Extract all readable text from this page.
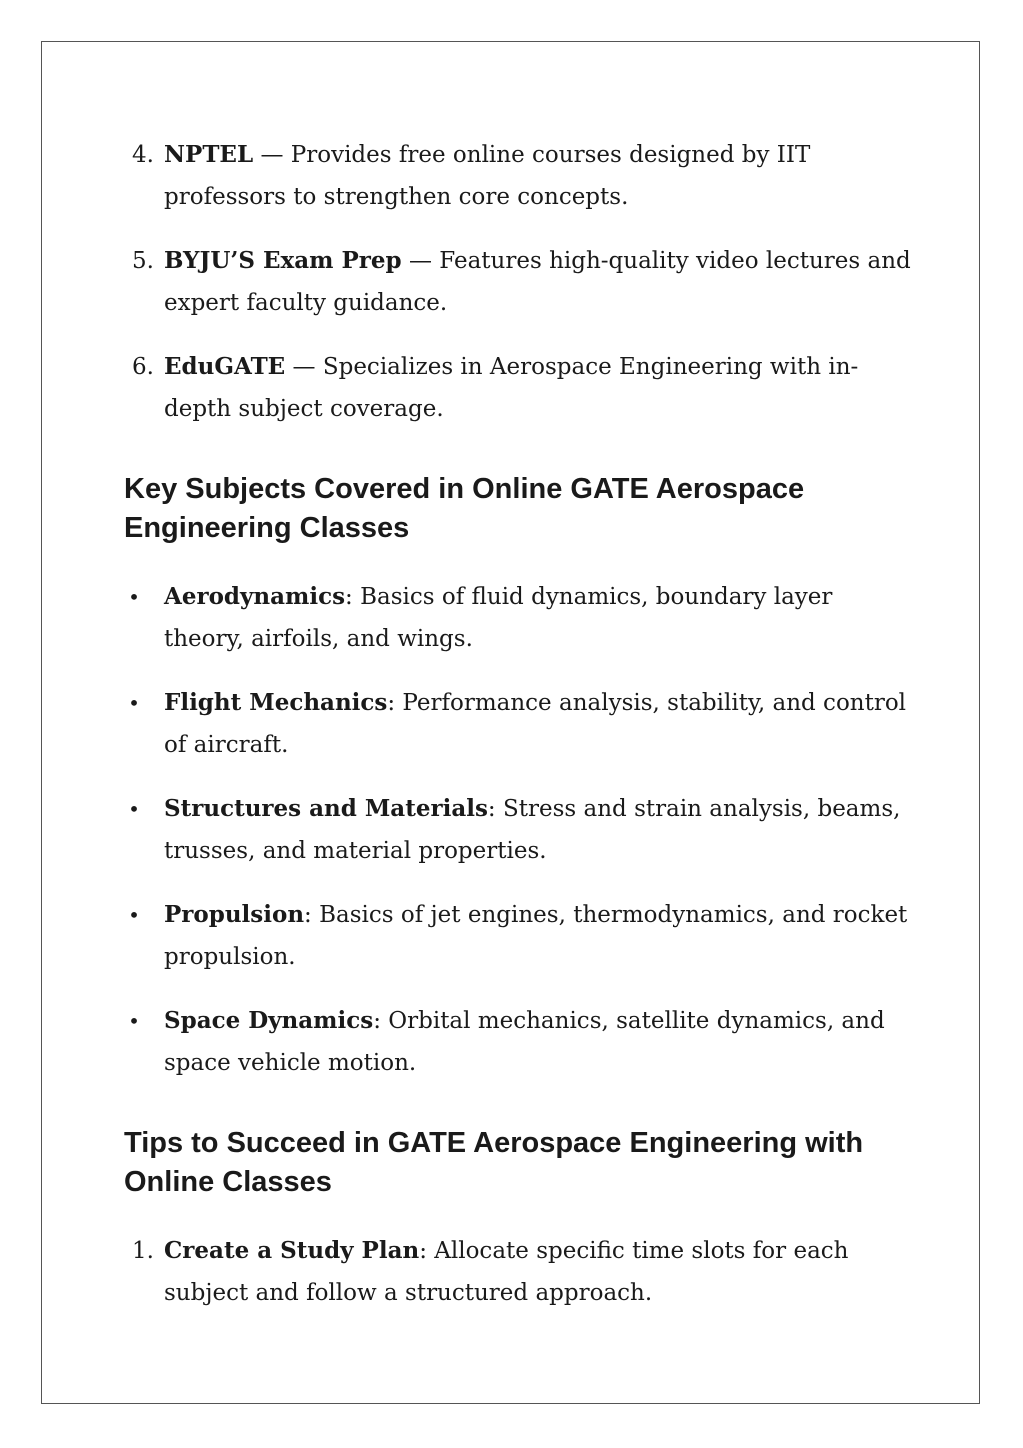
4. NPTEL — Provides free online courses designed by IIT professors to strengthen core concepts.
5. BYJU’S Exam Prep — Features high-quality video lectures and expert faculty guidance.
6. EduGATE — Specializes in Aerospace Engineering with in-depth subject coverage.
Key Subjects Covered in Online GATE Aerospace Engineering Classes
• Aerodynamics: Basics of fluid dynamics, boundary layer theory, airfoils, and wings.
• Flight Mechanics: Performance analysis, stability, and control of aircraft.
• Structures and Materials: Stress and strain analysis, beams, trusses, and material properties.
• Propulsion: Basics of jet engines, thermodynamics, and rocket propulsion.
• Space Dynamics: Orbital mechanics, satellite dynamics, and space vehicle motion.
Tips to Succeed in GATE Aerospace Engineering with Online Classes
1. Create a Study Plan: Allocate specific time slots for each subject and follow a structured approach.
